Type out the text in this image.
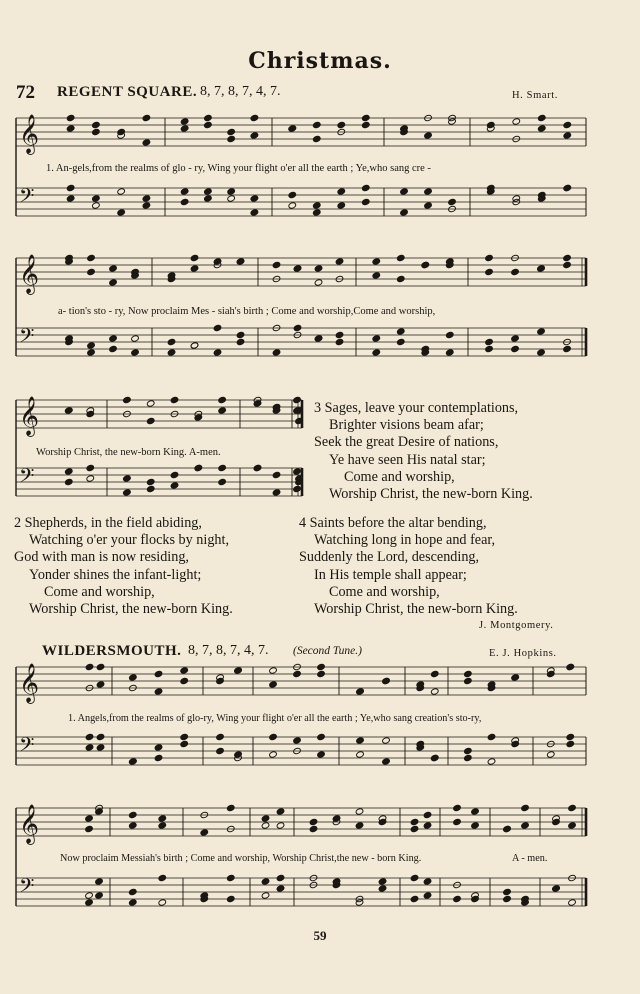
Christmas.
72 REGENT SQUARE. 8, 7, 8, 7, 4, 7.	H. Smart.
𝄞
𝄢
𝄞
𝄢
𝄞
𝄢
𝄞
𝄢
𝄞
𝄢
1. An-gels,from the realms of glo - ry, Wing your flight o'er all the earth ; Ye,who sang cre -
a- tion's sto - ry, Now proclaim Mes - siah's birth ; Come and worship,Come and worship,
Worship Christ, the new-born King. A-men.
3 Sages, leave your contemplations,
Brighter visions beam afar;
Seek the great Desire of nations,
Ye have seen His natal star;
Come and worship,
Worship Christ, the new-born King.
2 Shepherds, in the field abiding,
Watching o'er your flocks by night,
God with man is now residing,
Yonder shines the infant-light;
Come and worship,
Worship Christ, the new-born King.
4 Saints before the altar bending,
Watching long in hope and fear,
Suddenly the Lord, descending,
In His temple shall appear;
Come and worship,
Worship Christ, the new-born King.
J. Montgomery.
WILDERSMOUTH. 8, 7, 8, 7, 4, 7. (Second Tune.)	E. J. Hopkins.
1. Angels,from the realms of glo-ry, Wing your flight o'er all the earth ; Ye,who sang creation's sto-ry,
Now proclaim Messiah's birth ; Come and worship, Worship Christ,the new - born King.	A - men.
59
